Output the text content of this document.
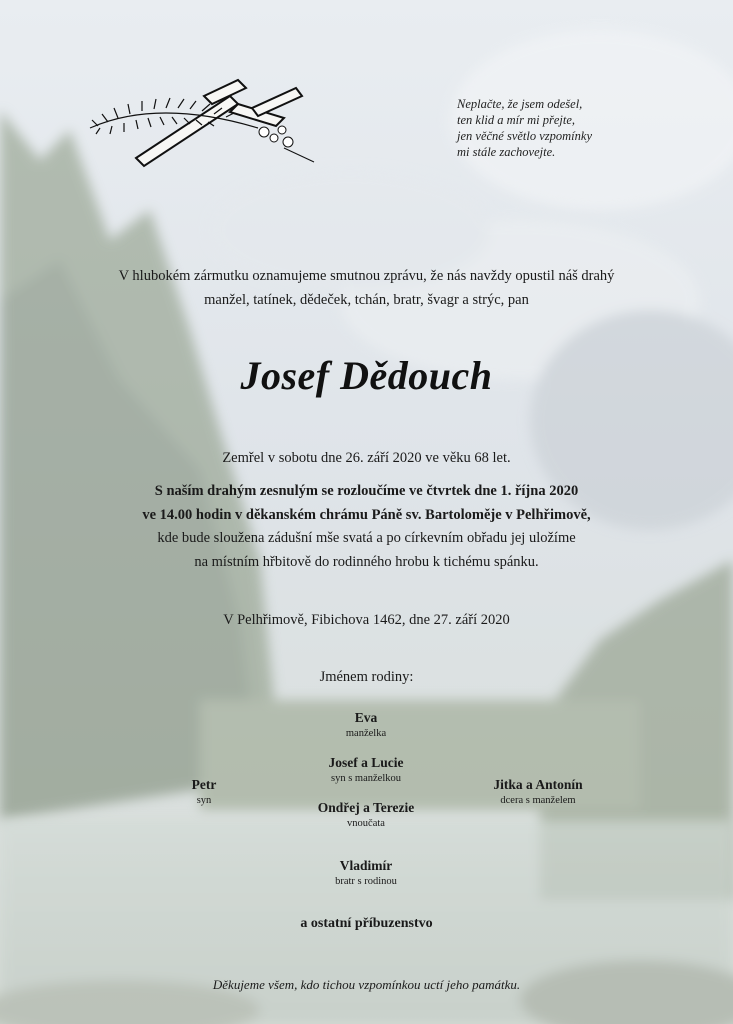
Neplačte, že jsem odešel,
ten klid a mír mi přejte,
jen věčné světlo vzpomínky
mi stále zachovejte.
V hlubokém zármutku oznamujeme smutnou zprávu, že nás navždy opustil náš drahý
manžel, tatínek, dědeček, tchán, bratr, švagr a strýc, pan
Josef Dědouch
Zemřel v sobotu dne 26. září 2020 ve věku 68 let.
S naším drahým zesnulým se rozloučíme ve čtvrtek dne 1. října 2020
ve 14.00 hodin v děkanském chrámu Páně sv. Bartoloměje v Pelhřimově,
kde bude sloužena zádušní mše svatá a po církevním obřadu jej uložíme
na místním hřbitově do rodinného hrobu k tichému spánku.
V Pelhřimově, Fibichova 1462, dne 27. září 2020
Jménem rodiny:
Eva
manželka
Josef a Lucie
syn s manželkou
Petr
syn
Jitka a Antonín
dcera s manželem
Ondřej a Terezie
vnoučata
Vladimír
bratr s rodinou
a ostatní příbuzenstvo
Děkujeme všem, kdo tichou vzpomínkou uctí jeho památku.
